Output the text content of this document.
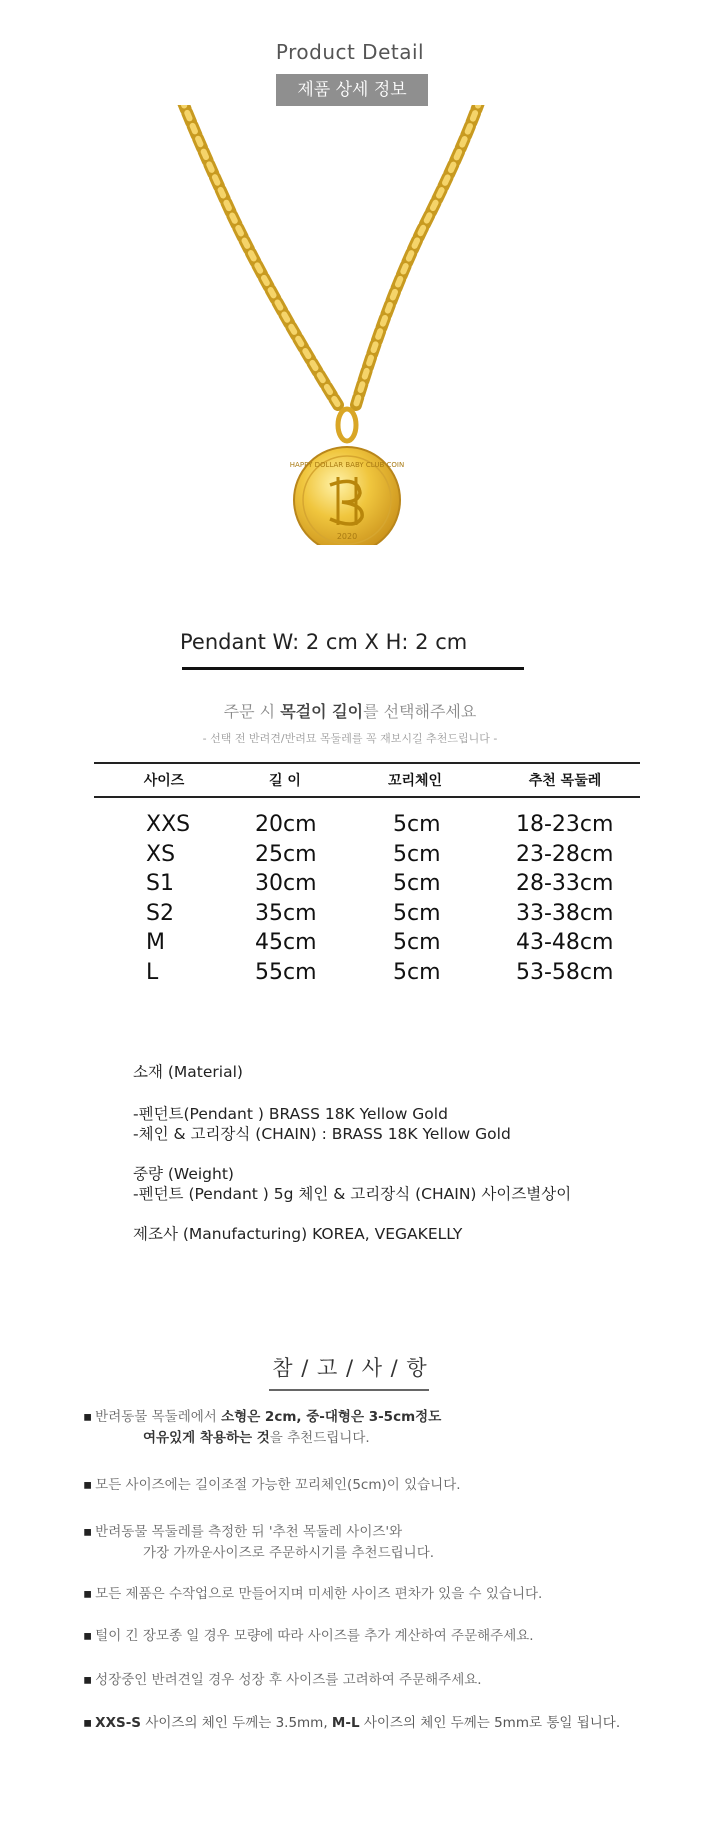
Product Detail
제품 상세 정보
HAPPY DOLLAR BABY CLUB COIN
2020
Pendant W: 2 cm X H: 2 cm
주문 시 목걸이 길이를 선택해주세요
- 선택 전 반려견/반려묘 목둘레를 꼭 재보시길 추천드립니다 -
사이즈	길 이	꼬리체인	추천 목둘레
XXS	20cm	5cm	18-23cm
XS	25cm	5cm	23-28cm
S1	30cm	5cm	28-33cm
S2	35cm	5cm	33-38cm
M	45cm	5cm	43-48cm
L	55cm	5cm	53-58cm
소재 (Material)
-펜던트(Pendant ) BRASS 18K Yellow Gold
-체인 & 고리장식 (CHAIN) : BRASS 18K Yellow Gold
중량 (Weight)
-펜던트 (Pendant ) 5g 체인 & 고리장식 (CHAIN) 사이즈별상이
제조사 (Manufacturing) KOREA, VEGAKELLY
참 / 고 / 사 / 항
▪ 반려동물 목둘레에서 소형은 2cm, 중-대형은 3-5cm정도
여유있게 착용하는 것을 추천드립니다.
▪ 모든 사이즈에는 길이조절 가능한 꼬리체인(5cm)이 있습니다.
▪ 반려동물 목둘레를 측정한 뒤 '추천 목둘레 사이즈'와
가장 가까운사이즈로 주문하시기를 추천드립니다.
▪ 모든 제품은 수작업으로 만들어지며 미세한 사이즈 편차가 있을 수 있습니다.
▪ 털이 긴 장모종 일 경우 모량에 따라 사이즈를 추가 계산하여 주문해주세요.
▪ 성장중인 반려견일 경우 성장 후 사이즈를 고려하여 주문해주세요.
▪ XXS-S 사이즈의 체인 두께는 3.5mm, M-L 사이즈의 체인 두께는 5mm로 통일 됩니다.
